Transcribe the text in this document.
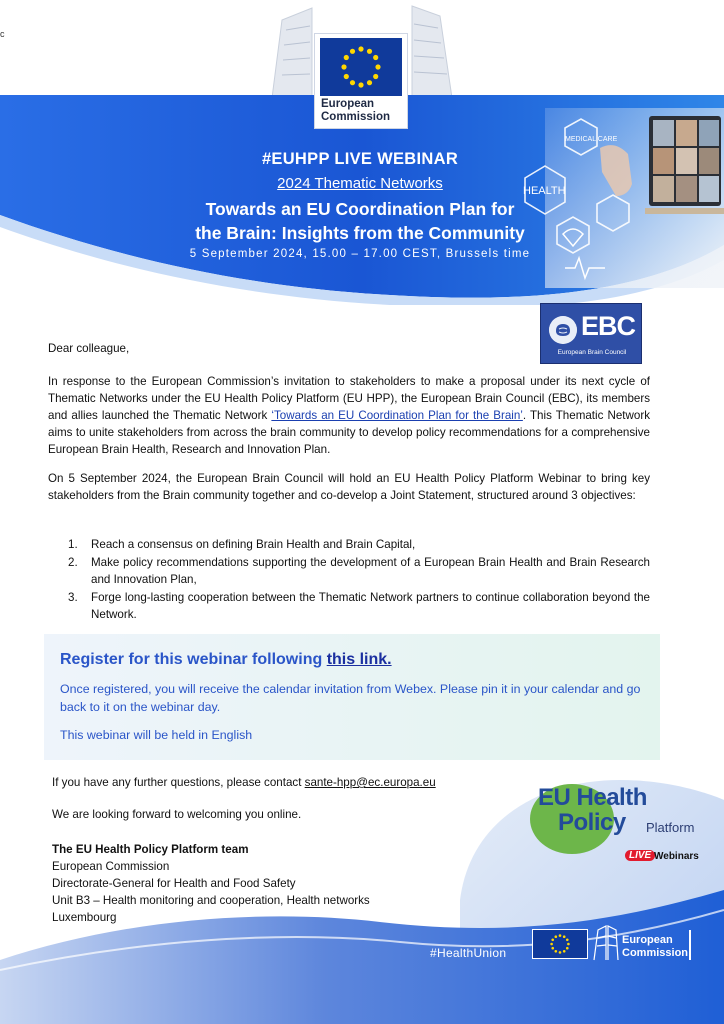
c
European
Commission
MEDICAL CARE
HEALTH
#EUHPP LIVE WEBINAR
2024 Thematic Networks
Towards an EU Coordination Plan for
the Brain: Insights from the Community
5 September 2024, 15.00 – 17.00 CEST, Brussels time
EBC
European Brain Council
Dear colleague,
In response to the European Commission’s invitation to stakeholders to make a proposal under its next cycle of Thematic Networks under the EU Health Policy Platform (EU HPP), the European Brain Council (EBC), its members and allies launched the Thematic Network ‘Towards an EU Coordination Plan for the Brain’. This Thematic Network aims to unite stakeholders from across the brain community to develop policy recommendations for a comprehensive European Brain Health, Research and Innovation Plan.
On 5 September 2024, the European Brain Council will hold an EU Health Policy Platform Webinar to bring key stakeholders from the Brain community together and co-develop a Joint Statement, structured around 3 objectives:
1. Reach a consensus on defining Brain Health and Brain Capital,
2. Make policy recommendations supporting the development of a European Brain Health and Brain Research and Innovation Plan,
3. Forge long-lasting cooperation between the Thematic Network partners to continue collaboration beyond the Network.
Register for this webinar following this link.
Once registered, you will receive the calendar invitation from Webex. Please pin it in your calendar and go back to it on the webinar day.
This webinar will be held in English
If you have any further questions, please contact sante-hpp@ec.europa.eu
We are looking forward to welcoming you online.
The EU Health Policy Platform team
European Commission
Directorate-General for Health and Food Safety
Unit B3 – Health monitoring and cooperation, Health networks
Luxembourg
EU Health
Policy Platform
LIVE Webinars
#HealthUnion
European
Commission
